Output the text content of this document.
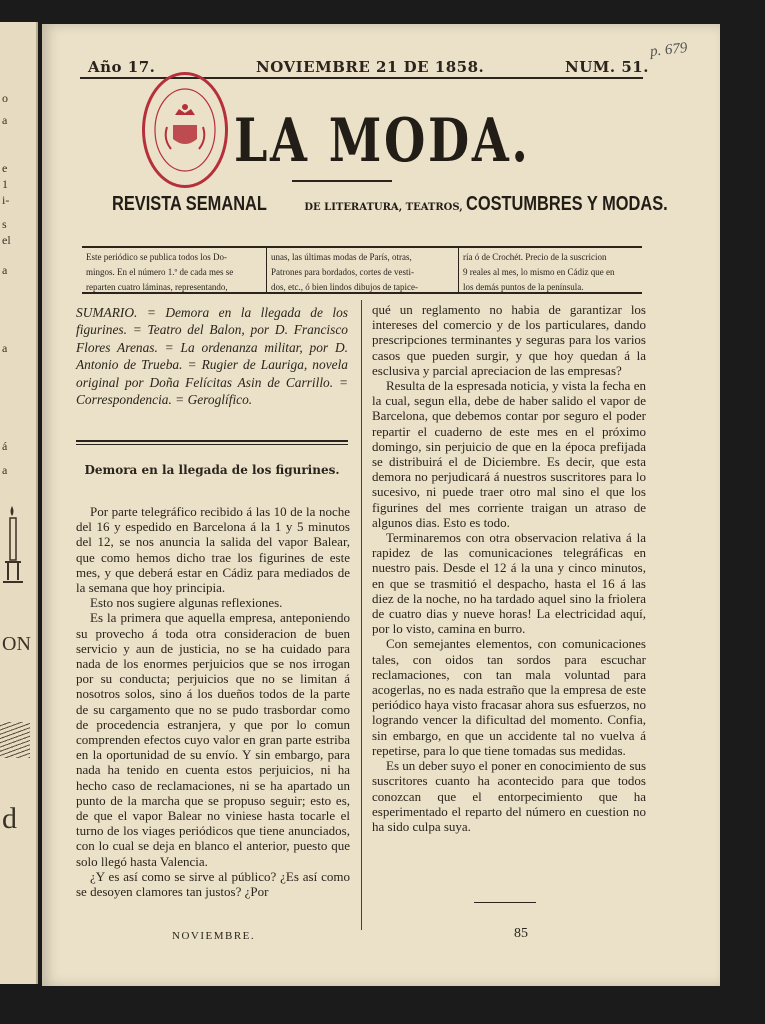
o
a
e
1
i-
s
el
a
a
á
a
ON
d
p. 679
Año 17.	NOVIEMBRE 21 DE 1858.	NUM. 51.
LA MODA.
REVISTA SEMANAL	DE LITERATURA, TEATROS, COSTUMBRES Y MODAS.
Este periódico se publica todos los Do-
mingos. En el número 1.º de cada mes se
reparten cuatro láminas, representando,
unas, las últimas modas de París, otras,
Patrones para bordados, cortes de vesti-
dos, etc., ó bien lindos dibujos de tapice-
ría ó de Crochét. Precio de la suscricion
9 reales al mes, lo mismo en Cádiz que en
los demás puntos de la península.
SUMARIO. = Demora en la llegada de los figurines. = Teatro del Balon, por D. Francisco Flores Arenas. = La ordenanza militar, por D. Antonio de Trueba. = Rugier de Lauriga, novela original por Doña Felícitas Asin de Carrillo. = Correspondencia. = Geroglífico.
Demora en la llegada de los figurines.

Por parte telegráfico recibido á las 10 de la noche del 16 y espedido en Barcelona á la 1 y 5 minutos del 12, se nos anuncia la salida del vapor Balear, que como hemos dicho trae los figurines de este mes, y que deberá estar en Cádiz para mediados de la semana que hoy principia.

Esto nos sugiere algunas reflexiones.

Es la primera que aquella empresa, anteponiendo su provecho á toda otra consideracion de buen servicio y aun de justicia, no se ha cuidado para nada de los enormes perjuicios que se nos irrogan por su conducta; perjuicios que no se limitan á nosotros solos, sino á los dueños todos de la parte de su cargamento que no se pudo trasbordar como de procedencia estranjera, y que por lo comun comprenden efectos cuyo valor en gran parte estriba en la oportunidad de su envío. Y sin embargo, para nada ha tenido en cuenta estos perjuicios, ni ha hecho caso de reclamaciones, ni se ha apartado un punto de la marcha que se propuso seguir; esto es, de que el vapor Balear no viniese hasta tocarle el turno de los viages periódicos que tiene anunciados, con lo cual se deja en blanco el anterior, puesto que solo llegó hasta Valencia.

¿Y es así como se sirve al público? ¿Es así como se desoyen clamores tan justos? ¿Por

qué un reglamento no habia de garantizar los intereses del comercio y de los particulares, dando prescripciones terminantes y seguras para los varios casos que pueden surgir, y que hoy quedan á la esclusiva y parcial apreciacion de las empresas?

Resulta de la espresada noticia, y vista la fecha en la cual, segun ella, debe de haber salido el vapor de Barcelona, que debemos contar por seguro el poder repartir el cuaderno de este mes en el próximo domingo, sin perjuicio de que en la época prefijada se distribuirá el de Diciembre. Es decir, que esta demora no perjudicará á nuestros suscritores para lo sucesivo, ni puede traer otro mal sino el que los figurines del mes corriente traigan un atraso de algunos dias. Esto es todo.

Terminaremos con otra observacion relativa á la rapidez de las comunicaciones telegráficas en nuestro pais. Desde el 12 á la una y cinco minutos, en que se trasmitió el despacho, hasta el 16 á las diez de la noche, no ha tardado aquel sino la friolera de cuatro dias y nueve horas! La electricidad aquí, por lo visto, camina en burro.

Con semejantes elementos, con comunicaciones tales, con oidos tan sordos para escuchar reclamaciones, con tan mala voluntad para acogerlas, no es nada estraño que la empresa de este periódico haya visto fracasar ahora sus esfuerzos, no logrando vencer la dificultad del momento. Confia, sin embargo, en que un accidente tal no vuelva á repetirse, para lo que tiene tomadas sus medidas.

Es un deber suyo el poner en conocimiento de sus suscritores cuanto ha acontecido para que todos conozcan que el entorpecimiento que ha esperimentado el reparto del número en cuestion no ha sido culpa suya.

NOVIEMBRE.	85
